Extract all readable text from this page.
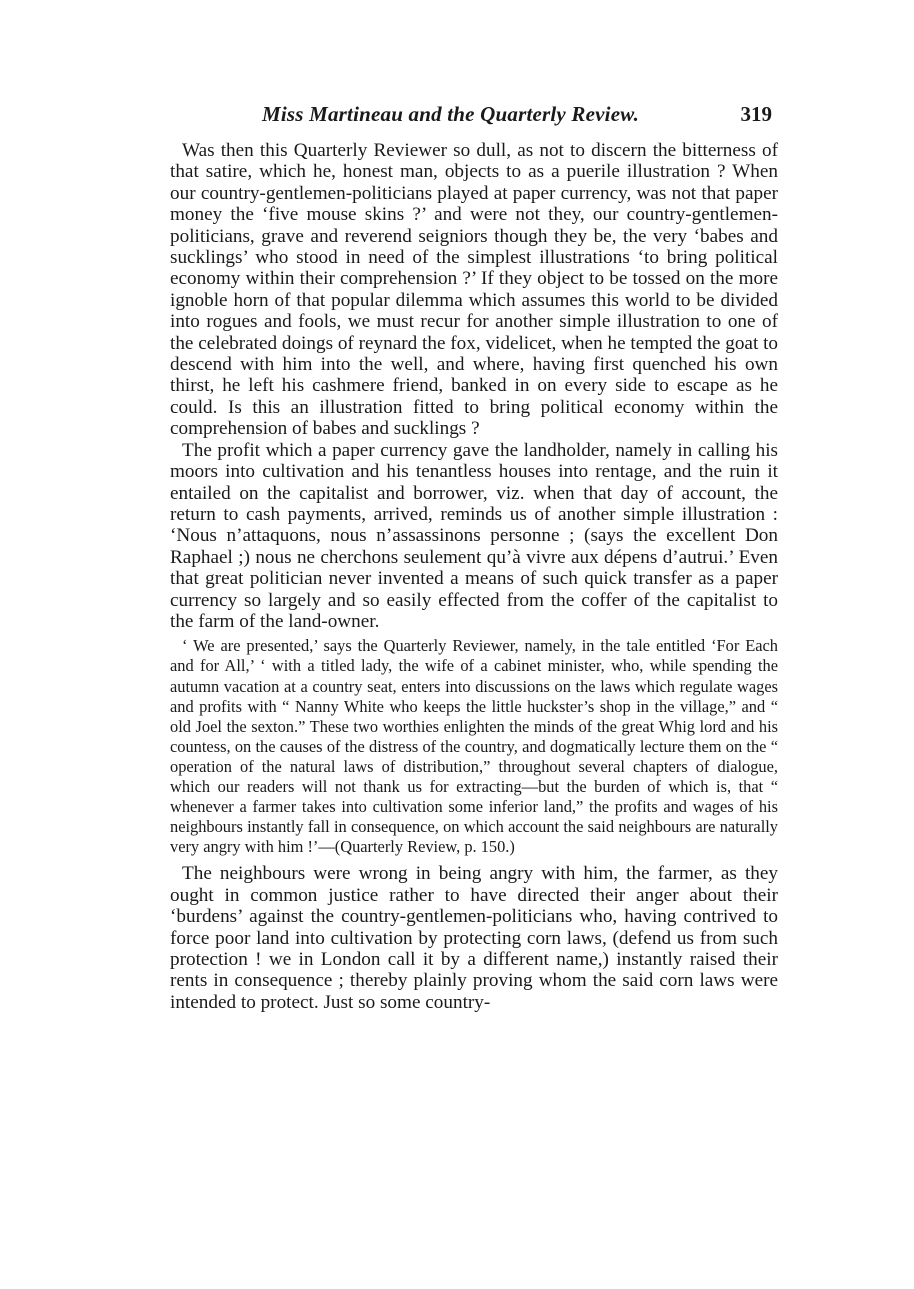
Miss Martineau and the Quarterly Review.	319

Was then this Quarterly Reviewer so dull, as not to discern the bitterness of that satire, which he, honest man, objects to as a puerile illustration ? When our country-gentlemen-politicians played at paper currency, was not that paper money the ‘five mouse skins ?’ and were not they, our country-gentlemen-politicians, grave and reverend seigniors though they be, the very ‘babes and sucklings’ who stood in need of the simplest illustrations ‘to bring political economy within their comprehension ?’ If they object to be tossed on the more ignoble horn of that popular dilemma which assumes this world to be divided into rogues and fools, we must recur for another simple illustration to one of the celebrated doings of reynard the fox, videlicet, when he tempted the goat to descend with him into the well, and where, having first quenched his own thirst, he left his cashmere friend, banked in on every side to escape as he could. Is this an illustration fitted to bring political economy within the comprehension of babes and sucklings ?

The profit which a paper currency gave the landholder, namely in calling his moors into cultivation and his tenantless houses into rentage, and the ruin it entailed on the capitalist and borrower, viz. when that day of account, the return to cash payments, arrived, reminds us of another simple illustration : ‘Nous n’attaquons, nous n’assassinons personne ; (says the excellent Don Raphael ;) nous ne cherchons seulement qu’à vivre aux dépens d’autrui.’ Even that great politician never invented a means of such quick transfer as a paper currency so largely and so easily effected from the coffer of the capitalist to the farm of the land-owner.

‘ We are presented,’ says the Quarterly Reviewer, namely, in the tale entitled ‘For Each and for All,’ ‘ with a titled lady, the wife of a cabinet minister, who, while spending the autumn vacation at a country seat, enters into discussions on the laws which regulate wages and profits with “ Nanny White who keeps the little huckster’s shop in the village,” and “ old Joel the sexton.” These two worthies enlighten the minds of the great Whig lord and his countess, on the causes of the distress of the country, and dogmatically lecture them on the “ operation of the natural laws of distribution,” throughout several chapters of dialogue, which our readers will not thank us for extracting—but the burden of which is, that “ whenever a farmer takes into cultivation some inferior land,” the profits and wages of his neighbours instantly fall in consequence, on which account the said neighbours are naturally very angry with him !’—(Quarterly Review, p. 150.)

The neighbours were wrong in being angry with him, the farmer, as they ought in common justice rather to have directed their anger about their ‘burdens’ against the country-gentlemen-politicians who, having contrived to force poor land into cultivation by protecting corn laws, (defend us from such protection ! we in London call it by a different name,) instantly raised their rents in consequence ; thereby plainly proving whom the said corn laws were intended to protect. Just so some country-
